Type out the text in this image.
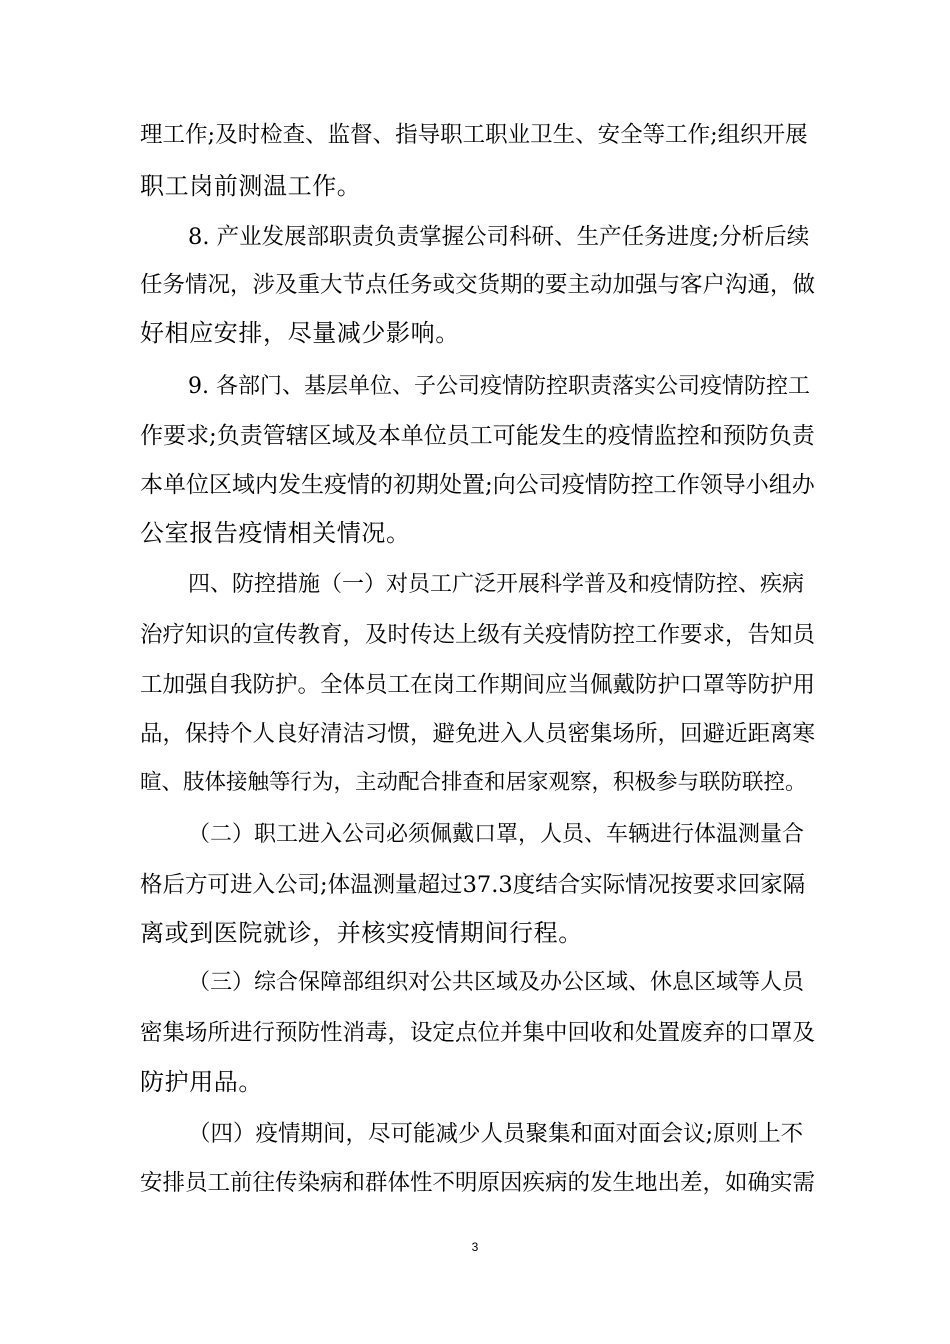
理工作;及时检查、监督、指导职工职业卫生、安全等工作;组织开展
职工岗前测温工作。
8. 产业发展部职责负责掌握公司科研、生产任务进度;分析后续
任务情况，涉及重大节点任务或交货期的要主动加强与客户沟通，做
好相应安排，尽量减少影响。
9. 各部门、基层单位、子公司疫情防控职责落实公司疫情防控工
作要求;负责管辖区域及本单位员工可能发生的疫情监控和预防负责
本单位区域内发生疫情的初期处置;向公司疫情防控工作领导小组办
公室报告疫情相关情况。
四、防控措施（一）对员工广泛开展科学普及和疫情防控、疾病
治疗知识的宣传教育，及时传达上级有关疫情防控工作要求，告知员
工加强自我防护。全体员工在岗工作期间应当佩戴防护口罩等防护用
品，保持个人良好清洁习惯，避免进入人员密集场所，回避近距离寒
暄、肢体接触等行为，主动配合排查和居家观察，积极参与联防联控。
（二）职工进入公司必须佩戴口罩，人员、车辆进行体温测量合
格后方可进入公司;体温测量超过37.3度结合实际情况按要求回家隔
离或到医院就诊，并核实疫情期间行程。
（三）综合保障部组织对公共区域及办公区域、休息区域等人员
密集场所进行预防性消毒，设定点位并集中回收和处置废弃的口罩及
防护用品。
（四）疫情期间，尽可能减少人员聚集和面对面会议;原则上不
安排员工前往传染病和群体性不明原因疾病的发生地出差，如确实需
3
